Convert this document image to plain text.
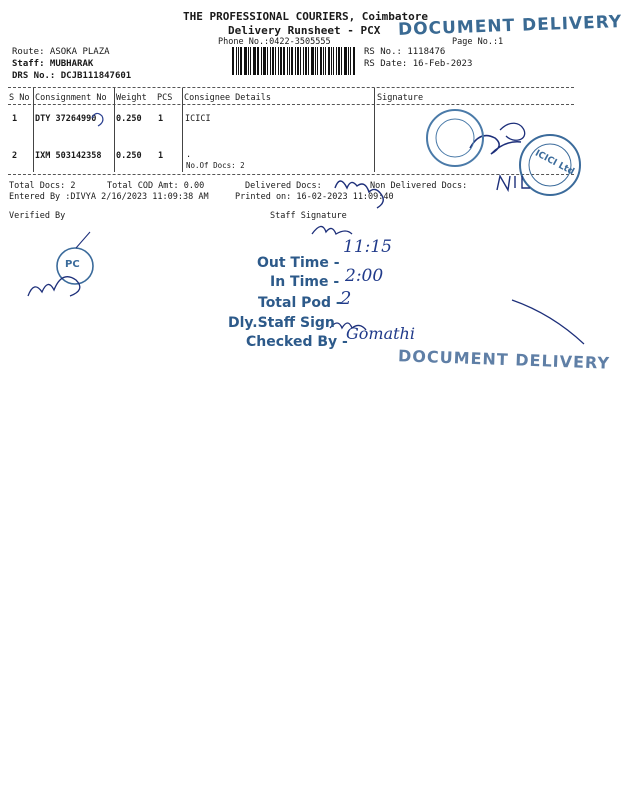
THE PROFESSIONAL COURIERS, Coimbatore
Delivery Runsheet - PCX
Phone No.:0422-3505555	Page No.:1
DOCUMENT DELIVERY
Route: ASOKA PLAZA
Staff: MUBHARAK
DRS No.: DCJB111847601
RS No.: 1118476
RS Date: 16-Feb-2023
S No Consignment No Weight PCS Consignee Details	Signature
1 DTY 37264990 0.250 1	ICICI
2 IXM 503142358 0.250 1	.
No.Of Docs: 2
Total Docs: 2	Total COD Amt: 0.00	Delivered Docs:	Non Delivered Docs:
Entered By :DIVYA 2/16/2023 11:09:38 AM	Printed on: 16-02-2023 11:09:40
Verified By	Staff Signature
ICICI Ltd
PC	Out Time -
11:15
In Time - 2:00
Total Pod -
2
Dly.Staff Sign
Checked By -
Gomathi
DOCUMENT DELIVERY
